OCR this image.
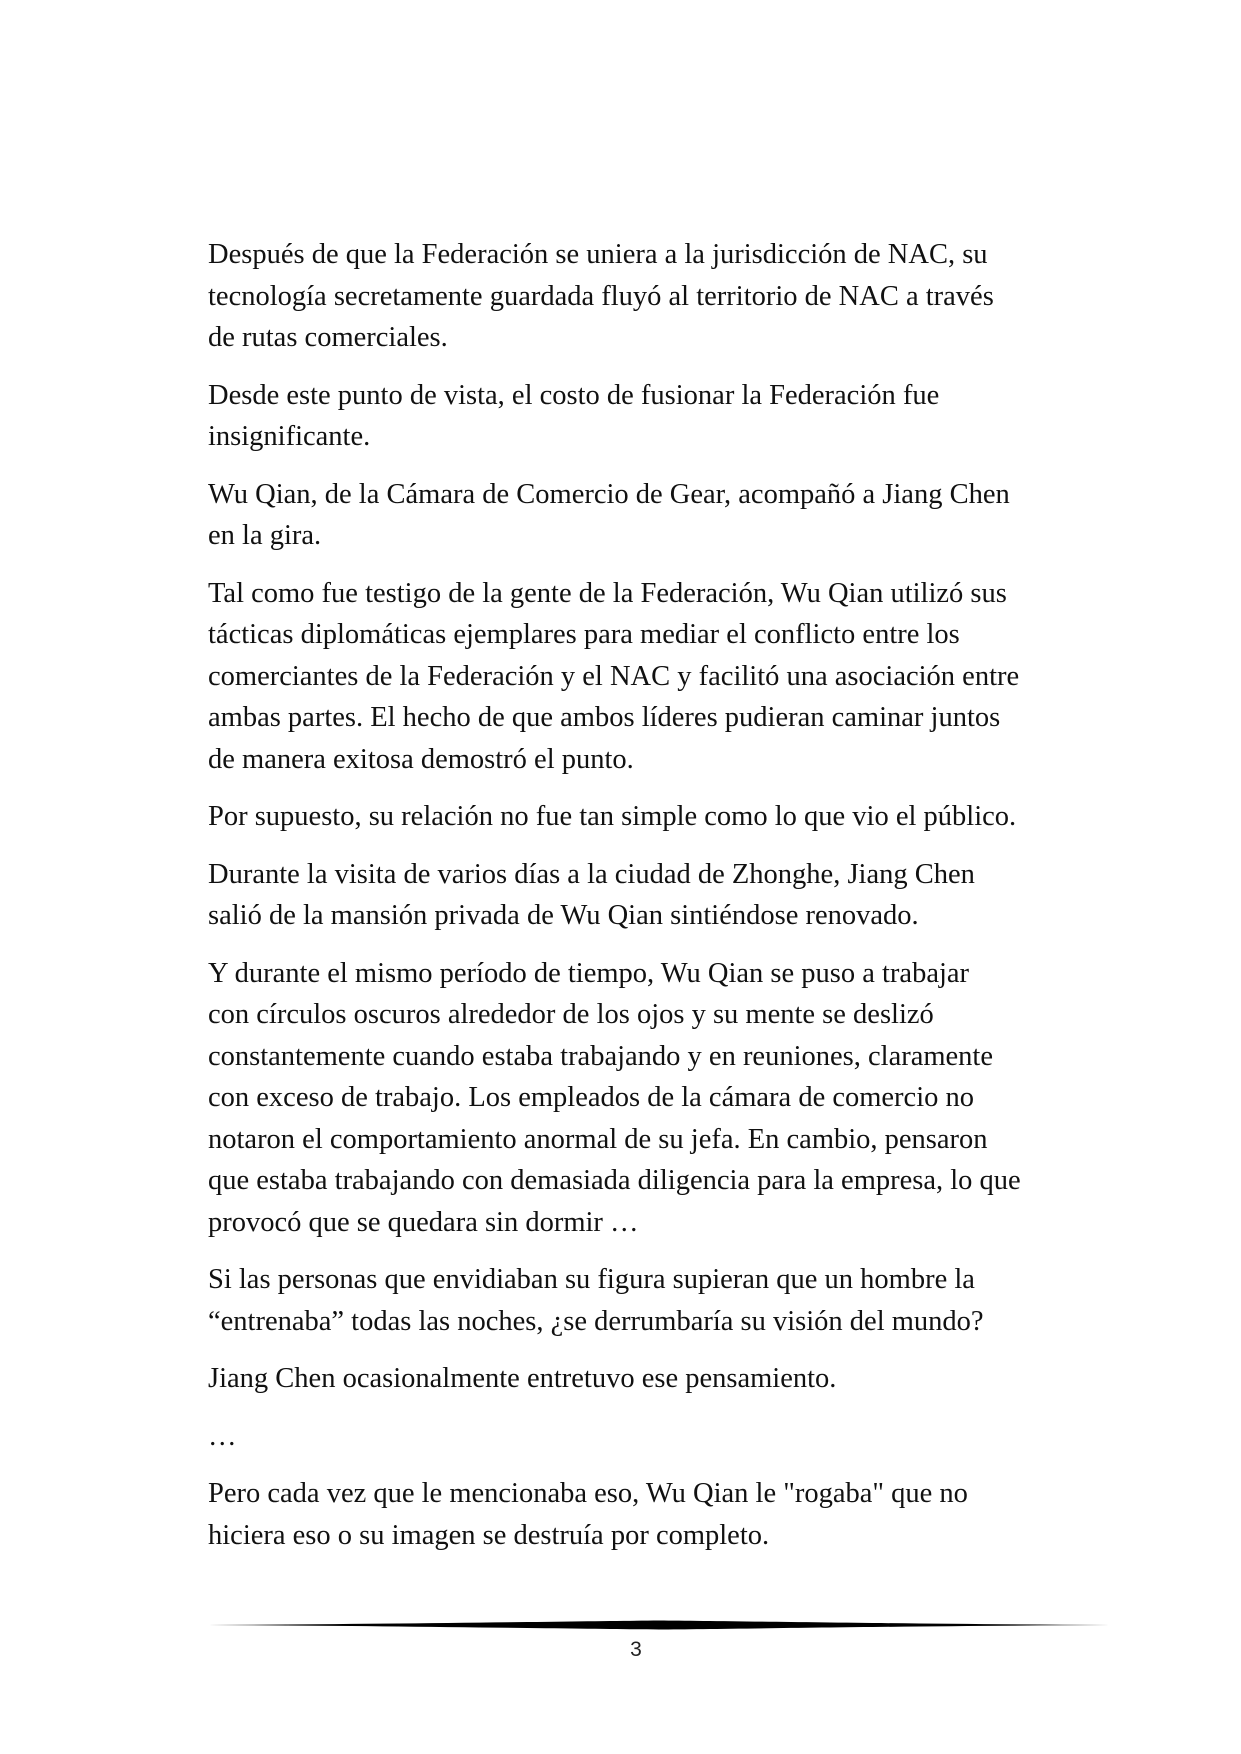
Después de que la Federación se uniera a la jurisdicción de NAC, su
tecnología secretamente guardada fluyó al territorio de NAC a través
de rutas comerciales.

Desde este punto de vista, el costo de fusionar la Federación fue
insignificante.

Wu Qian, de la Cámara de Comercio de Gear, acompañó a Jiang Chen
en la gira.

Tal como fue testigo de la gente de la Federación, Wu Qian utilizó sus
tácticas diplomáticas ejemplares para mediar el conflicto entre los
comerciantes de la Federación y el NAC y facilitó una asociación entre
ambas partes. El hecho de que ambos líderes pudieran caminar juntos
de manera exitosa demostró el punto.

Por supuesto, su relación no fue tan simple como lo que vio el público.

Durante la visita de varios días a la ciudad de Zhonghe, Jiang Chen
salió de la mansión privada de Wu Qian sintiéndose renovado.

Y durante el mismo período de tiempo, Wu Qian se puso a trabajar
con círculos oscuros alrededor de los ojos y su mente se deslizó
constantemente cuando estaba trabajando y en reuniones, claramente
con exceso de trabajo. Los empleados de la cámara de comercio no
notaron el comportamiento anormal de su jefa. En cambio, pensaron
que estaba trabajando con demasiada diligencia para la empresa, lo que
provocó que se quedara sin dormir …

Si las personas que envidiaban su figura supieran que un hombre la
“entrenaba” todas las noches, ¿se derrumbaría su visión del mundo?

Jiang Chen ocasionalmente entretuvo ese pensamiento.

…

Pero cada vez que le mencionaba eso, Wu Qian le "rogaba" que no
hiciera eso o su imagen se destruía por completo.

3
